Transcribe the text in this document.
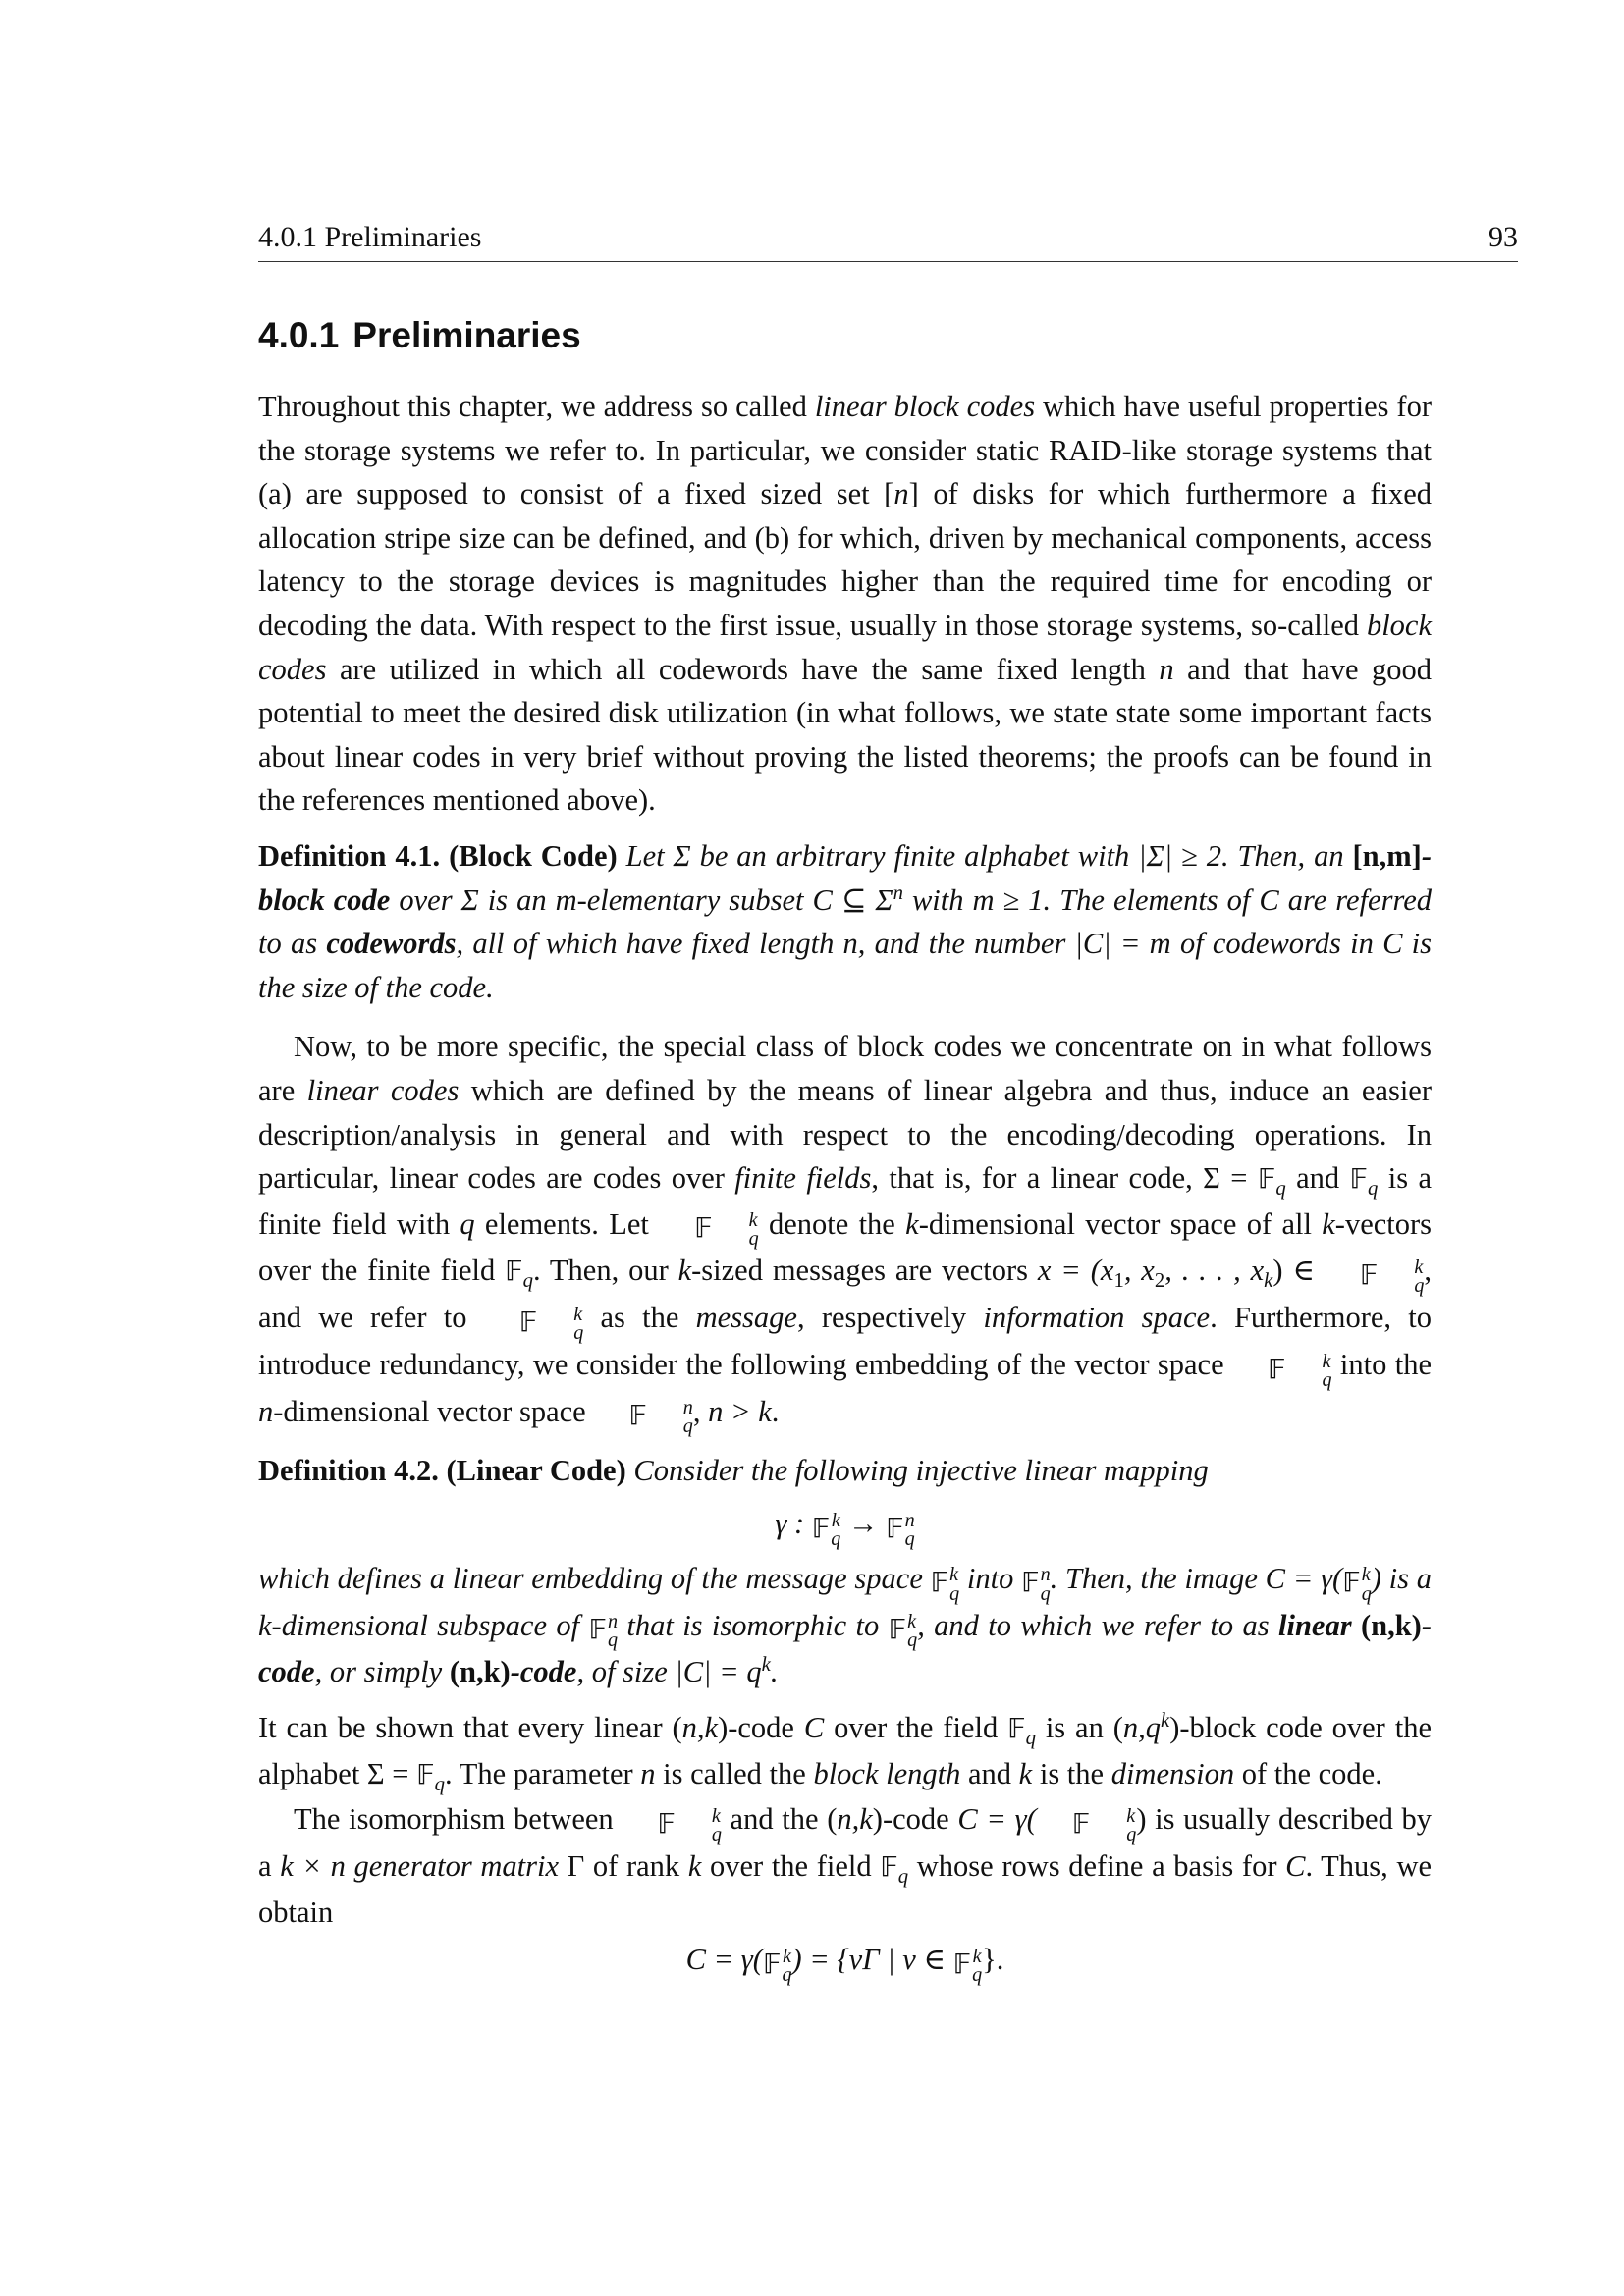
4.0.1 Preliminaries	93
4.0.1 Preliminaries

Throughout this chapter, we address so called linear block codes which have useful properties for the storage systems we refer to. In particular, we consider static RAID-like storage systems that (a) are supposed to consist of a fixed sized set [n] of disks for which furthermore a fixed allocation stripe size can be defined, and (b) for which, driven by mechanical components, access latency to the storage devices is magnitudes higher than the required time for encoding or decoding the data. With respect to the first issue, usually in those storage systems, so-called block codes are utilized in which all codewords have the same fixed length n and that have good potential to meet the desired disk utilization (in what follows, we state state some important facts about linear codes in very brief without proving the listed theorems; the proofs can be found in the references mentioned above).

Definition 4.1. (Block Code) Let Σ be an arbitrary finite alphabet with |Σ| ≥ 2. Then, an [n,m]-block code over Σ is an m-elementary subset C ⊆ $\Sigma^n$ with m ≥ 1. The elements of C are referred to as codewords, all of which have fixed length n, and the number |C| = m of codewords in C is the size of the code.

Now, to be more specific, the special class of block codes we concentrate on in what follows are linear codes which are defined by the means of linear algebra and thus, induce an easier description/analysis in general and with respect to the encoding/decoding operations. In particular, linear codes are codes over finite fields, that is, for a linear code, Σ = 𝔽$_q$ and 𝔽$_q$ is a finite field with q elements. Let 𝔽	k
q denote the k-dimensional vector space of all k-vectors over the finite field 𝔽$_q$. Then, our k-sized messages are vectors $x = (x_1$, $x_2$, . . . , $x_k$) ∈ 𝔽	k
q , and we refer to 𝔽	k
q as the message, respectively information space. Furthermore, to introduce redundancy, we consider the following embedding of the vector space 𝔽	k
q into the n-dimensional vector space 𝔽	n
q , n > k.

Definition 4.2. (Linear Code) Consider the following injective linear mapping

γ : 𝔽 k
q → 𝔽 n
q

which defines a linear embedding of the message space 𝔽 k
q into 𝔽 n
q . Then, the image C = γ(𝔽 k
q ) is a k-dimensional subspace of 𝔽 n
q that is isomorphic to 𝔽 k
q , and to which we refer to as linear (n,k)-code, or simply (n,k)-code, of size $|C| = q^k$.

It can be shown that every linear (n,k)-code C over the field 𝔽$_q$ is an $(n,q^k)$-block code over the alphabet Σ = 𝔽$_q$. The parameter n is called the block length and k is the dimension of the code.

The isomorphism between 𝔽	k
q and the (n,k)-code C = γ( 𝔽	k
q ) is usually described by a k × n generator matrix Γ of rank k over the field 𝔽$_q$ whose rows define a basis for C. Thus, we obtain

C = γ(𝔽 k
q ) = {vΓ | v ∈ 𝔽 k
q }.
